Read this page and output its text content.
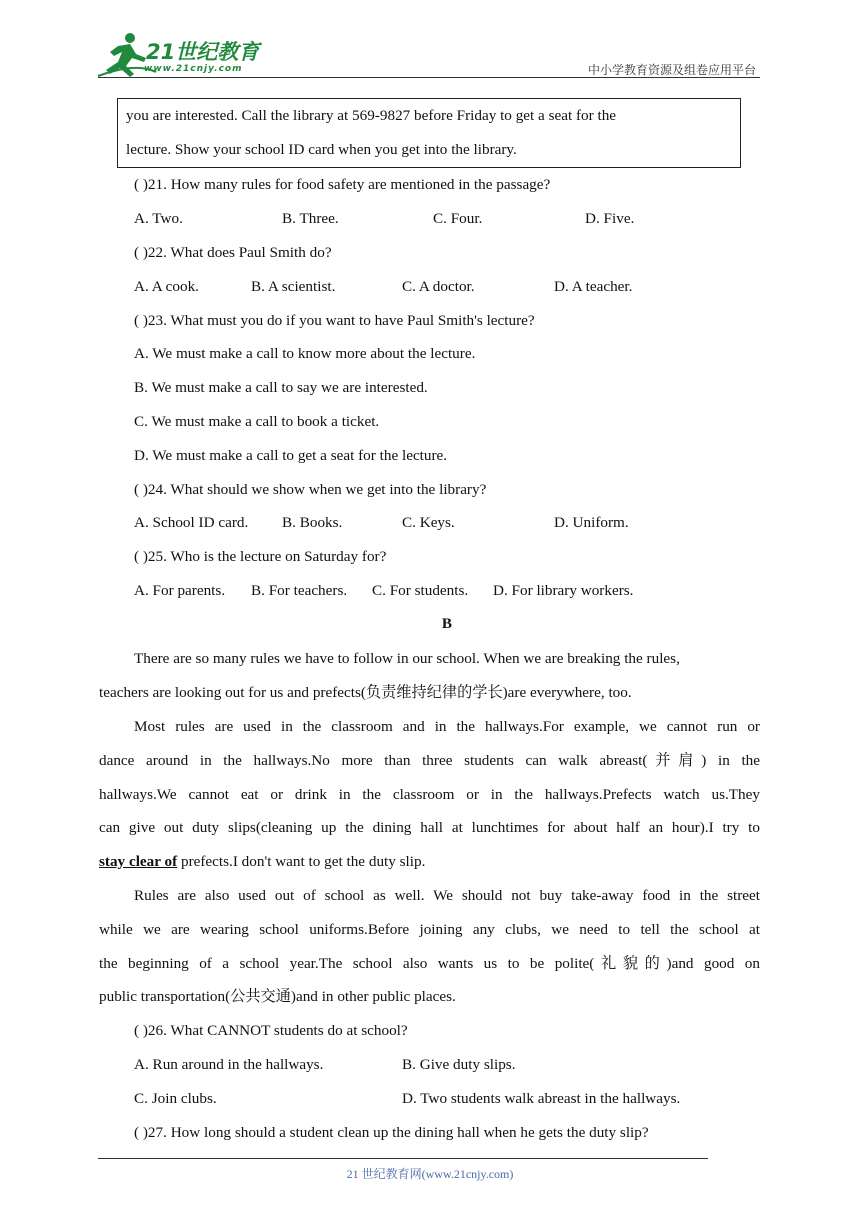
21世纪教育
www.21cnjy.com	中小学教育资源及组卷应用平台
you are interested. Call the library at 569-9827 before Friday to get a seat for the
lecture. Show your school ID card when you get into the library.
( )21. How many rules for food safety are mentioned in the passage?
A. Two.	B. Three.	C. Four.	D. Five.
( )22. What does Paul Smith do?
A. A cook.	B. A scientist.	C. A doctor.	D. A teacher.
( )23. What must you do if you want to have Paul Smith's lecture?
A. We must make a call to know more about the lecture.
B. We must make a call to say we are interested.
C. We must make a call to book a ticket.
D. We must make a call to get a seat for the lecture.
( )24. What should we show when we get into the library?
A. School ID card. B. Books.	C. Keys.	D. Uniform.
( )25. Who is the lecture on Saturday for?
A. For parents. B. For teachers. C. For students. D. For library workers.
B
There are so many rules we have to follow in our school. When we are breaking the rules,
teachers are looking out for us and prefects(负责维持纪律的学长)are everywhere, too.
Most rules are used in the classroom and in the hallways.For example, we cannot run or
dance around in the hallways.No more than three students can walk abreast(并肩) in the
hallways.We cannot eat or drink in the classroom or in the hallways.Prefects watch us.They
can give out duty slips(cleaning up the dining hall at lunchtimes for about half an hour).I try to
stay clear of prefects.I don't want to get the duty slip.
Rules are also used out of school as well. We should not buy take-away food in the street
while we are wearing school uniforms.Before joining any clubs, we need to tell the school at
the beginning of a school year.The school also wants us to be polite(礼貌的)and good on
public transportation(公共交通)and in other public places.
( )26. What CANNOT students do at school?
A. Run around in the hallways.	B. Give duty slips.
C. Join clubs.	D. Two students walk abreast in the hallways.
( )27. How long should a student clean up the dining hall when he gets the duty slip?
21 世纪教育网(www.21cnjy.com)
